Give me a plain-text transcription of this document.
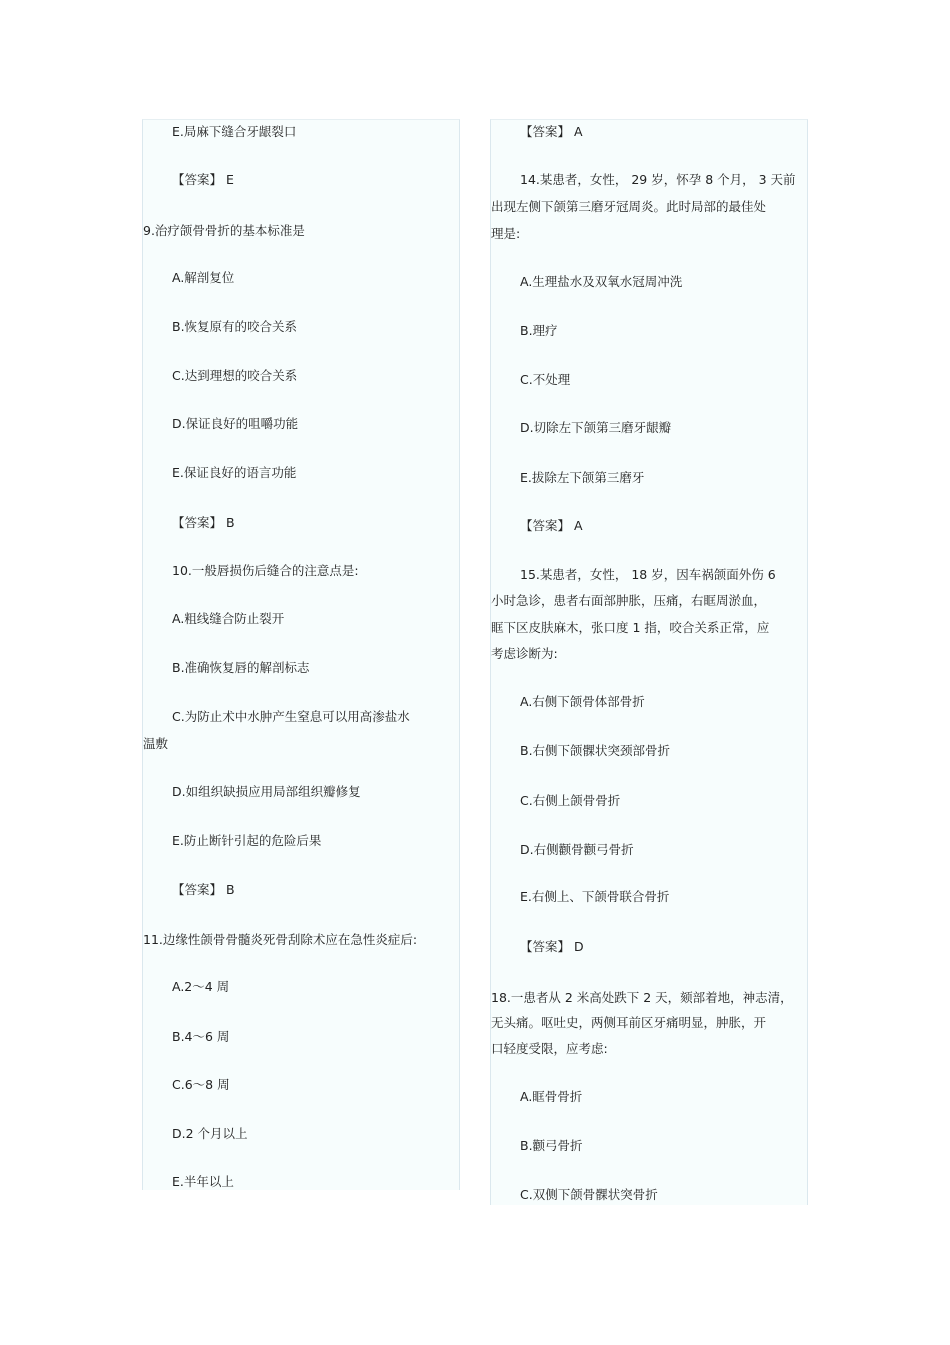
E.局麻下缝合牙龈裂口
【答案】 E
9.治疗颌骨骨折的基本标准是
A.解剖复位
B.恢复原有的咬合关系
C.达到理想的咬合关系
D.保证良好的咀嚼功能
E.保证良好的语言功能
【答案】 B
10.一般唇损伤后缝合的注意点是:
A.粗线缝合防止裂开
B.准确恢复唇的解剖标志
C.为防止术中水肿产生窒息可以用高渗盐水
温敷
D.如组织缺损应用局部组织瓣修复
E.防止断针引起的危险后果
【答案】 B
11.边缘性颌骨骨髓炎死骨刮除术应在急性炎症后:
A.2～4 周
B.4～6 周
C.6～8 周
D.2 个月以上
E.半年以上
【答案】 A
14.某患者，女性， 29 岁，怀孕 8 个月， 3 天前
出现左侧下颌第三磨牙冠周炎。此时局部的最佳处
理是:
A.生理盐水及双氧水冠周冲洗
B.理疗
C.不处理
D.切除左下颌第三磨牙龈瓣
E.拔除左下颌第三磨牙
【答案】 A
15.某患者，女性， 18 岁，因车祸颌面外伤 6
小时急诊，患者右面部肿胀，压痛，右眶周淤血，
眶下区皮肤麻木，张口度 1 指，咬合关系正常，应
考虑诊断为:
A.右侧下颌骨体部骨折
B.右侧下颌髁状突颈部骨折
C.右侧上颌骨骨折
D.右侧颧骨颧弓骨折
E.右侧上、下颌骨联合骨折
【答案】 D
18.一患者从 2 米高处跌下 2 天，颏部着地，神志清，
无头痛。呕吐史，两侧耳前区牙痛明显，肿胀，开
口轻度受限，应考虑:
A.眶骨骨折
B.颧弓骨折
C.双侧下颌骨髁状突骨折
